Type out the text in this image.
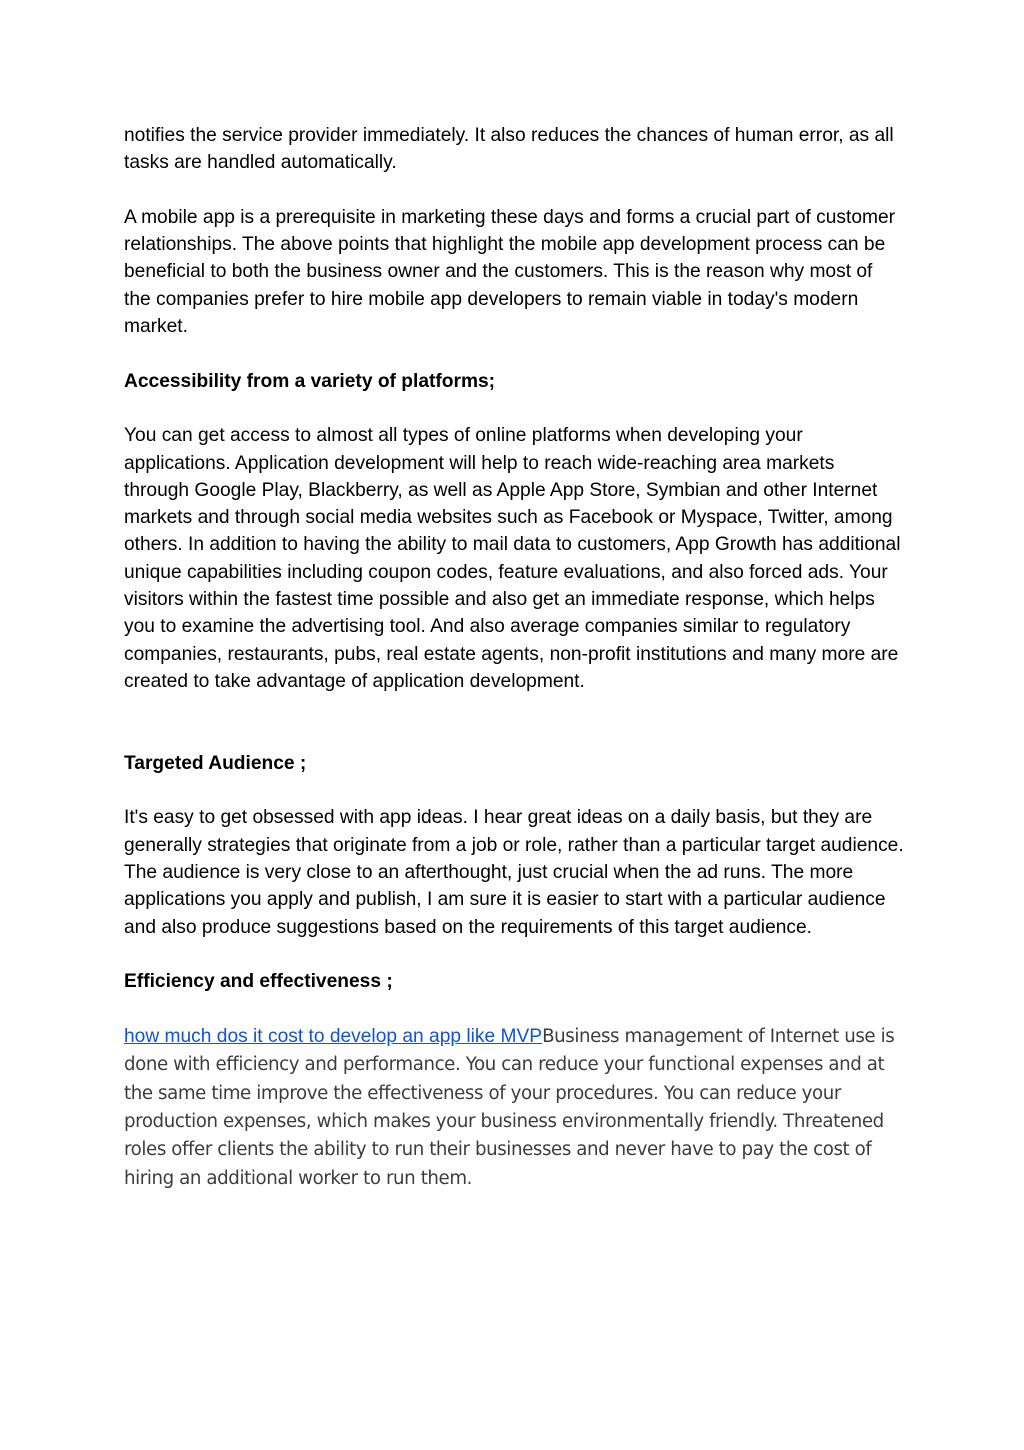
notifies the service provider immediately. It also reduces the chances of human error, as all tasks are handled automatically.

A mobile app is a prerequisite in marketing these days and forms a crucial part of customer relationships. The above points that highlight the mobile app development process can be beneficial to both the business owner and the customers. This is the reason why most of the companies prefer to hire mobile app developers to remain viable in today's modern market.

Accessibility from a variety of platforms;

You can get access to almost all types of online platforms when developing your applications. Application development will help to reach wide-reaching area markets through Google Play, Blackberry, as well as Apple App Store, Symbian and other Internet markets and through social media websites such as Facebook or Myspace, Twitter, among others. In addition to having the ability to mail data to customers, App Growth has additional unique capabilities including coupon codes, feature evaluations, and also forced ads. Your visitors within the fastest time possible and also get an immediate response, which helps you to examine the advertising tool. And also average companies similar to regulatory companies, restaurants, pubs, real estate agents, non-profit institutions and many more are created to take advantage of application development.

Targeted Audience ;

It's easy to get obsessed with app ideas. I hear great ideas on a daily basis, but they are generally strategies that originate from a job or role, rather than a particular target audience. The audience is very close to an afterthought, just crucial when the ad runs. The more applications you apply and publish, I am sure it is easier to start with a particular audience and also produce suggestions based on the requirements of this target audience.

Efficiency and effectiveness ;

how much dos it cost to develop an app like MVPBusiness management of Internet use is done with efficiency and performance. You can reduce your functional expenses and at the same time improve the effectiveness of your procedures. You can reduce your production expenses, which makes your business environmentally friendly. Threatened roles offer clients the ability to run their businesses and never have to pay the cost of hiring an additional worker to run them.
